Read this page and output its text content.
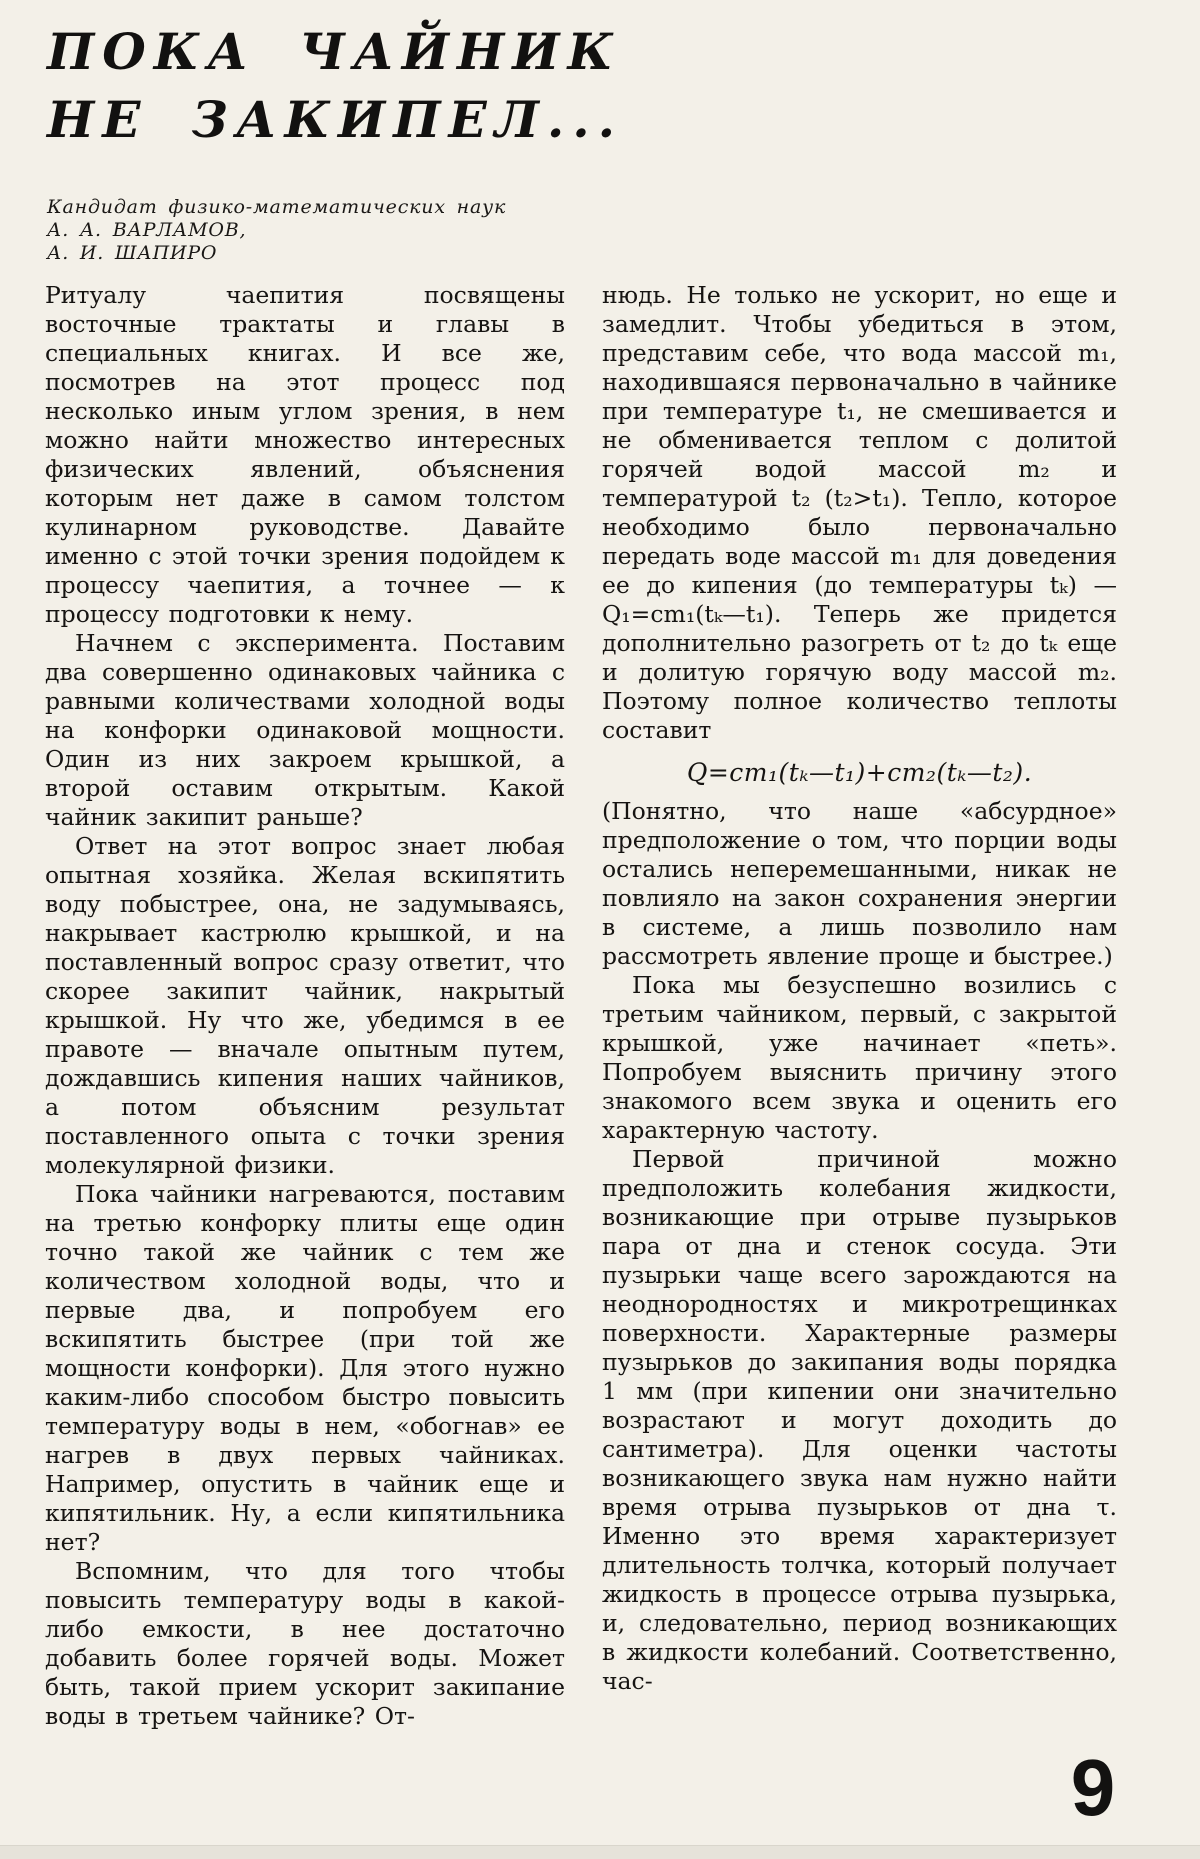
ПОКА ЧАЙНИК
НЕ ЗАКИПЕЛ...
Кандидат физико-математических наук
А. А. ВАРЛАМОВ,
А. И. ШАПИРО

Ритуалу чаепития посвящены восточные трактаты и главы в специальных книгах. И все же, посмотрев на этот процесс под несколько иным углом зрения, в нем можно найти множество интересных физических явлений, объяснения которым нет даже в самом толстом кулинарном руководстве. Давайте именно с этой точки зрения подойдем к процессу чаепития, а точнее — к процессу подготовки к нему.

Начнем с эксперимента. Поставим два совершенно одинаковых чайника с равными количествами холодной воды на конфорки одинаковой мощности. Один из них закроем крышкой, а второй оставим открытым. Какой чайник закипит раньше?

Ответ на этот вопрос знает любая опытная хозяйка. Желая вскипятить воду побыстрее, она, не задумываясь, накрывает кастрюлю крышкой, и на поставленный вопрос сразу ответит, что скорее закипит чайник, накрытый крышкой. Ну что же, убедимся в ее правоте — вначале опытным путем, дождавшись кипения наших чайников, а потом объясним результат поставленного опыта с точки зрения молекулярной физики.

Пока чайники нагреваются, поставим на третью конфорку плиты еще один точно такой же чайник с тем же количеством холодной воды, что и первые два, и попробуем его вскипятить быстрее (при той же мощности конфорки). Для этого нужно каким-либо способом быстро повысить температуру воды в нем, «обогнав» ее нагрев в двух первых чайниках. Например, опустить в чайник еще и кипятильник. Ну, а если кипятильника нет?

Вспомним, что для того чтобы повысить температуру воды в какой-либо емкости, в нее достаточно добавить более горячей воды. Может быть, такой прием ускорит закипание воды в третьем чайнике? От-

нюдь. Не только не ускорит, но еще и замедлит. Чтобы убедиться в этом, представим себе, что вода массой m₁, находившаяся первоначально в чайнике при температуре t₁, не смешивается и не обменивается теплом с долитой горячей водой массой m₂ и температурой t₂ (t₂>t₁). Тепло, которое необходимо было первоначально передать воде массой m₁ для доведения ее до кипения (до температуры tₖ) — Q₁=cm₁(tₖ—t₁). Теперь же придется дополнительно разогреть от t₂ до tₖ еще и долитую горячую воду массой m₂. Поэтому полное количество теплоты составит

Q=cm₁(tₖ—t₁)+cm₂(tₖ—t₂).

(Понятно, что наше «абсурдное» предположение о том, что порции воды остались неперемешанными, никак не повлияло на закон сохранения энергии в системе, а лишь позволило нам рассмотреть явление проще и быстрее.)

Пока мы безуспешно возились с третьим чайником, первый, с закрытой крышкой, уже начинает «петь». Попробуем выяснить причину этого знакомого всем звука и оценить его характерную частоту.

Первой причиной можно предположить колебания жидкости, возникающие при отрыве пузырьков пара от дна и стенок сосуда. Эти пузырьки чаще всего зарождаются на неоднородностях и микротрещинках поверхности. Характерные размеры пузырьков до закипания воды порядка 1 мм (при кипении они значительно возрастают и могут доходить до сантиметра). Для оценки частоты возникающего звука нам нужно найти время отрыва пузырьков от дна τ. Именно это время характеризует длительность толчка, который получает жидкость в процессе отрыва пузырька, и, следовательно, период возникающих в жидкости колебаний. Соответственно, час-

9
